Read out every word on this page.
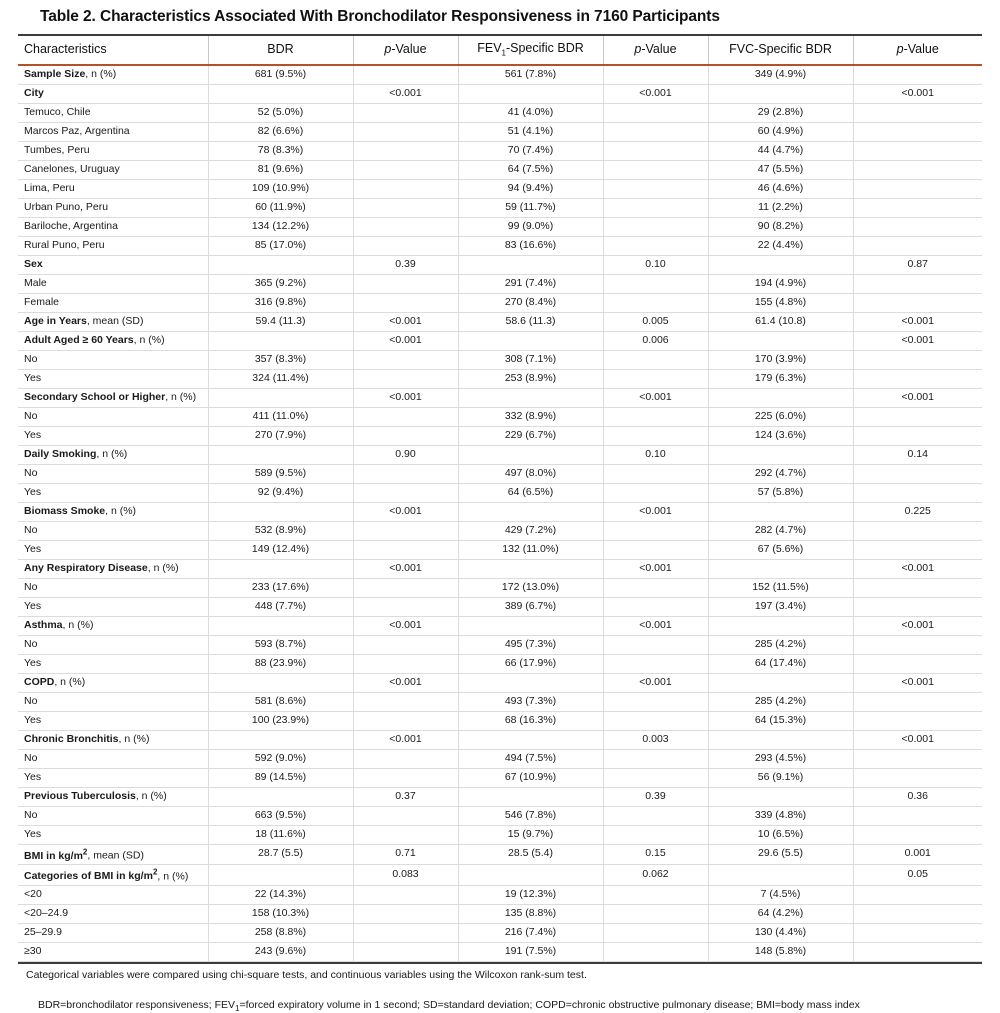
Table 2. Characteristics Associated With Bronchodilator Responsiveness in 7160 Participants
Characteristics	BDR	p-Value	$FEV_1$-Specific BDR	p-Value	FVC-Specific BDR	p-Value
Sample Size, n (%)	681 (9.5%)		561 (7.8%)		349 (4.9%)	
City		<0.001		<0.001		<0.001
Temuco, Chile	52 (5.0%)		41 (4.0%)		29 (2.8%)	
Marcos Paz, Argentina	82 (6.6%)		51 (4.1%)		60 (4.9%)	
Tumbes, Peru	78 (8.3%)		70 (7.4%)		44 (4.7%)	
Canelones, Uruguay	81 (9.6%)		64 (7.5%)		47 (5.5%)	
Lima, Peru	109 (10.9%)		94 (9.4%)		46 (4.6%)	
Urban Puno, Peru	60 (11.9%)		59 (11.7%)		11 (2.2%)	
Bariloche, Argentina	134 (12.2%)		99 (9.0%)		90 (8.2%)	
Rural Puno, Peru	85 (17.0%)		83 (16.6%)		22 (4.4%)	
Sex		0.39		0.10		0.87
Male	365 (9.2%)		291 (7.4%)		194 (4.9%)	
Female	316 (9.8%)		270 (8.4%)		155 (4.8%)	
Age in Years, mean (SD)	59.4 (11.3)	<0.001	58.6 (11.3)	0.005	61.4 (10.8)	<0.001
Adult Aged ≥ 60 Years, n (%)		<0.001		0.006		<0.001
No	357 (8.3%)		308 (7.1%)		170 (3.9%)	
Yes	324 (11.4%)		253 (8.9%)		179 (6.3%)	
Secondary School or Higher, n (%)		<0.001		<0.001		<0.001
No	411 (11.0%)		332 (8.9%)		225 (6.0%)	
Yes	270 (7.9%)		229 (6.7%)		124 (3.6%)	
Daily Smoking, n (%)		0.90		0.10		0.14
No	589 (9.5%)		497 (8.0%)		292 (4.7%)	
Yes	92 (9.4%)		64 (6.5%)		57 (5.8%)	
Biomass Smoke, n (%)		<0.001		<0.001		0.225
No	532 (8.9%)		429 (7.2%)		282 (4.7%)	
Yes	149 (12.4%)		132 (11.0%)		67 (5.6%)	
Any Respiratory Disease, n (%)		<0.001		<0.001		<0.001
No	233 (17.6%)		172 (13.0%)		152 (11.5%)	
Yes	448 (7.7%)		389 (6.7%)		197 (3.4%)	
Asthma, n (%)		<0.001		<0.001		<0.001
No	593 (8.7%)		495 (7.3%)		285 (4.2%)	
Yes	88 (23.9%)		66 (17.9%)		64 (17.4%)	
COPD, n (%)		<0.001		<0.001		<0.001
No	581 (8.6%)		493 (7.3%)		285 (4.2%)	
Yes	100 (23.9%)		68 (16.3%)		64 (15.3%)	
Chronic Bronchitis, n (%)		<0.001		0.003		<0.001
No	592 (9.0%)		494 (7.5%)		293 (4.5%)	
Yes	89 (14.5%)		67 (10.9%)		56 (9.1%)	
Previous Tuberculosis, n (%)		0.37		0.39		0.36
No	663 (9.5%)		546 (7.8%)		339 (4.8%)	
Yes	18 (11.6%)		15 (9.7%)		10 (6.5%)	
BMI in $kg/m^2$, mean (SD)	28.7 (5.5)	0.71	28.5 (5.4)	0.15	29.6 (5.5)	0.001
Categories of BMI in $kg/m^2$, n (%)		0.083		0.062		0.05
<20	22 (14.3%)		19 (12.3%)		7 (4.5%)	
<20–24.9	158 (10.3%)		135 (8.8%)		64 (4.2%)	
25–29.9	258 (8.8%)		216 (7.4%)		130 (4.4%)	
≥30	243 (9.6%)		191 (7.5%)		148 (5.8%)	
Categorical variables were compared using chi-square tests, and continuous variables using the Wilcoxon rank-sum test.
BDR=bronchodilator responsiveness; $FEV_1=forced$ expiratory volume in 1 second; SD=standard deviation; COPD=chronic obstructive pulmonary disease; BMI=body mass index
